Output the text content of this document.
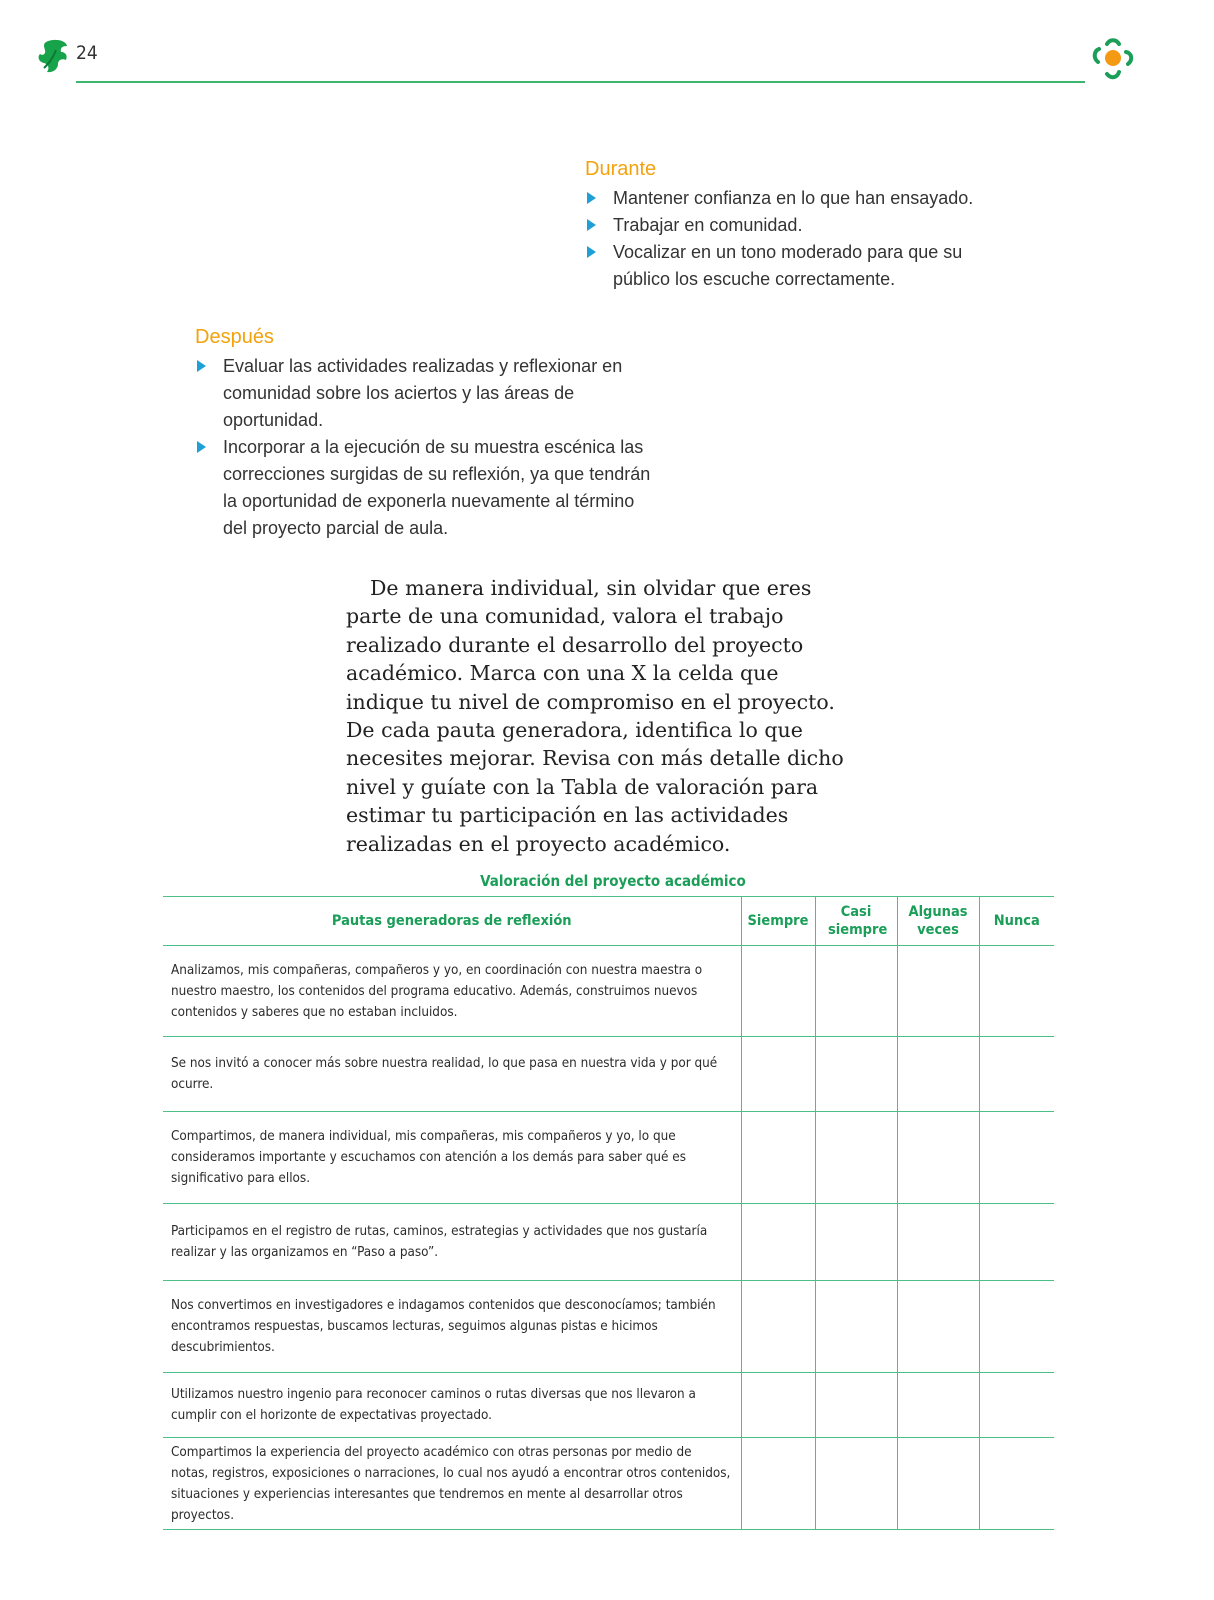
24
Durante
Mantener confianza en lo que han ensayado.
Trabajar en comunidad.
Vocalizar en un tono moderado para que su público los escuche correctamente.
Después
Evaluar las actividades realizadas y reflexionar en comunidad sobre los aciertos y las áreas de oportunidad.
Incorporar a la ejecución de su muestra escénica las correcciones surgidas de su reflexión, ya que tendrán la oportunidad de exponerla nuevamente al término del proyecto parcial de aula.

De manera individual, sin olvidar que eres parte de una comunidad, valora el trabajo realizado durante el desarrollo del proyecto académico. Marca con una X la celda que indique tu nivel de compromiso en el proyecto. De cada pauta generadora, identifica lo que necesites mejorar. Revisa con más detalle dicho nivel y guíate con la Tabla de valoración para estimar tu participación en las actividades realizadas en el proyecto académico.

Valoración del proyecto académico
Pautas generadoras de reflexión	Siempre	Casi siempre	Algunas veces	Nunca
Analizamos, mis compañeras, compañeros y yo, en coordinación con nuestra maestra o nuestro maestro, los contenidos del programa educativo. Además, construimos nuevos contenidos y saberes que no estaban incluidos.				
Se nos invitó a conocer más sobre nuestra realidad, lo que pasa en nuestra vida y por qué ocurre.				
Compartimos, de manera individual, mis compañeras, mis compañeros y yo, lo que consideramos importante y escuchamos con atención a los demás para saber qué es significativo para ellos.				
Participamos en el registro de rutas, caminos, estrategias y actividades que nos gustaría realizar y las organizamos en “Paso a paso”.				
Nos convertimos en investigadores e indagamos contenidos que desconocíamos; también encontramos respuestas, buscamos lecturas, seguimos algunas pistas e hicimos descubrimientos.				
Utilizamos nuestro ingenio para reconocer caminos o rutas diversas que nos llevaron a cumplir con el horizonte de expectativas proyectado.				
Compartimos la experiencia del proyecto académico con otras personas por medio de notas, registros, exposiciones o narraciones, lo cual nos ayudó a encontrar otros contenidos, situaciones y experiencias interesantes que tendremos en mente al desarrollar otros proyectos.				
